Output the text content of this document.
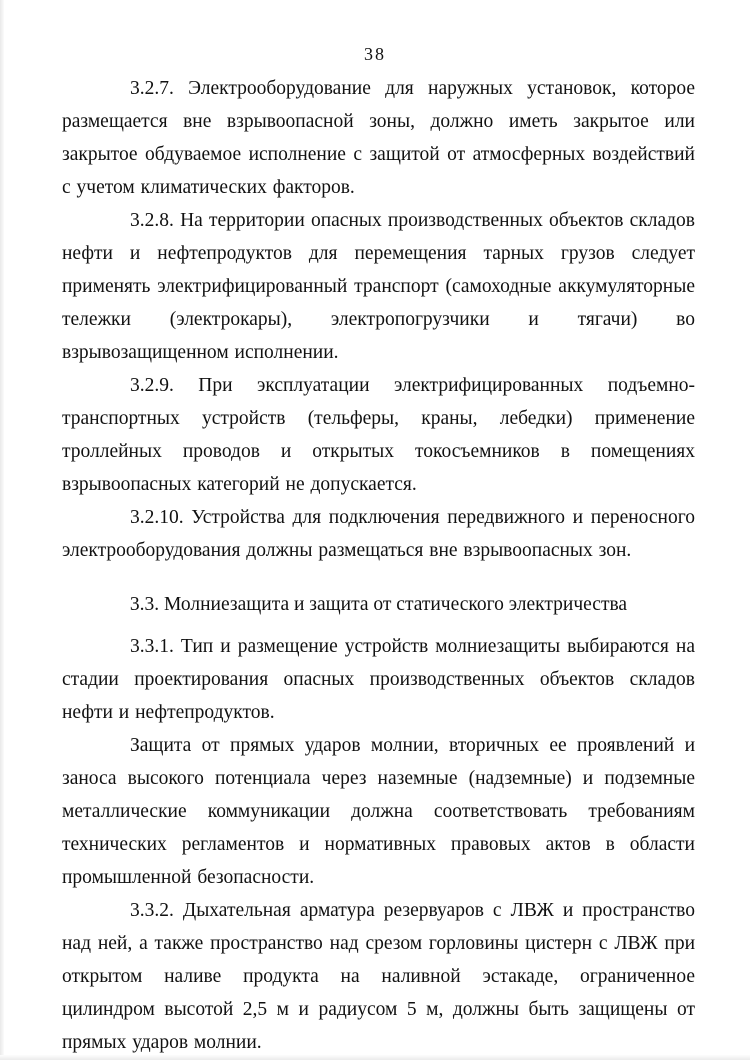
38

3.2.7. Электрооборудование для наружных установок, которое размещается вне взрывоопасной зоны, должно иметь закрытое или закрытое обдуваемое исполнение с защитой от атмосферных воздействий с учетом климатических факторов.

3.2.8. На территории опасных производственных объектов складов нефти и нефтепродуктов для перемещения тарных грузов следует применять электрифицированный транспорт (самоходные аккумуляторные тележки (электрокары), электропогрузчики и тягачи) во взрывозащищенном исполнении.

3.2.9. При эксплуатации электрифицированных подъемно-транспортных устройств (тельферы, краны, лебедки) применение троллейных проводов и открытых токосъемников в помещениях взрывоопасных категорий не допускается.

3.2.10. Устройства для подключения передвижного и переносного электрооборудования должны размещаться вне взрывоопасных зон.

3.3. Молниезащита и защита от статического электричества

3.3.1. Тип и размещение устройств молниезащиты выбираются на стадии проектирования опасных производственных объектов складов нефти и нефтепродуктов.

Защита от прямых ударов молнии, вторичных ее проявлений и заноса высокого потенциала через наземные (надземные) и подземные металлические коммуникации должна соответствовать требованиям технических регламентов и нормативных правовых актов в области промышленной безопасности.

3.3.2. Дыхательная арматура резервуаров с ЛВЖ и пространство над ней, а также пространство над срезом горловины цистерн с ЛВЖ при открытом наливе продукта на наливной эстакаде, ограниченное цилиндром высотой 2,5 м и радиусом 5 м, должны быть защищены от прямых ударов молнии.
